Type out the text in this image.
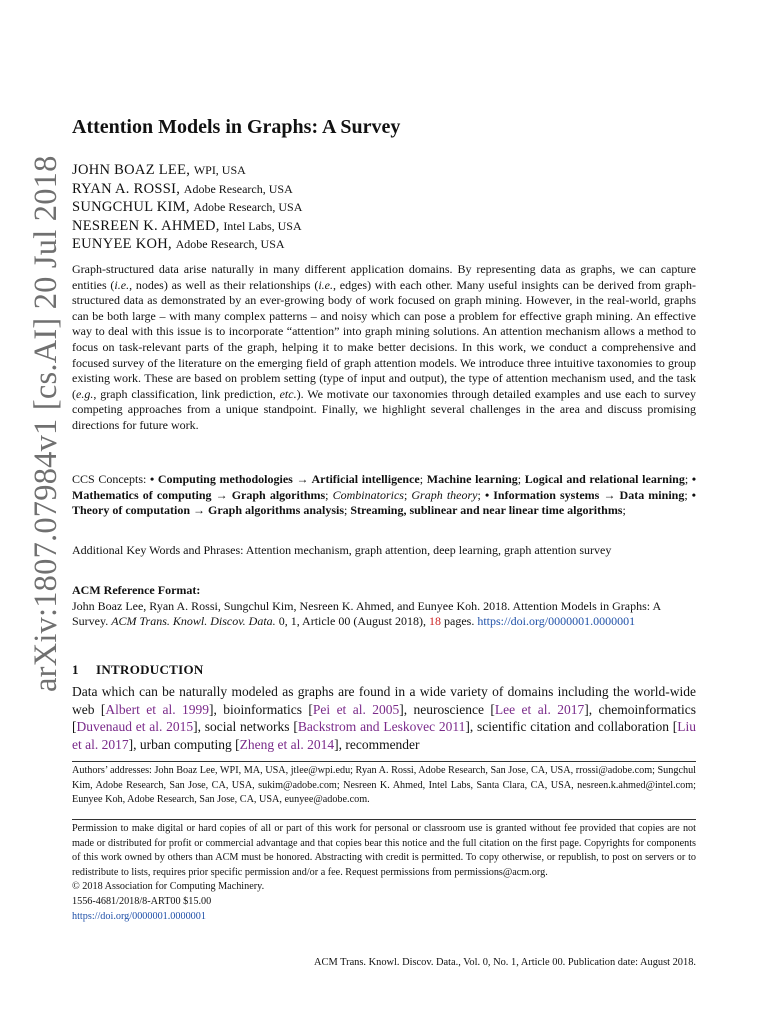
arXiv:1807.07984v1 [cs.AI] 20 Jul 2018
Attention Models in Graphs: A Survey
JOHN BOAZ LEE, WPI, USA
RYAN A. ROSSI, Adobe Research, USA
SUNGCHUL KIM, Adobe Research, USA
NESREEN K. AHMED, Intel Labs, USA
EUNYEE KOH, Adobe Research, USA

Graph-structured data arise naturally in many different application domains. By representing data as graphs, we can capture entities (i.e., nodes) as well as their relationships (i.e., edges) with each other. Many useful insights can be derived from graph-structured data as demonstrated by an ever-growing body of work focused on graph mining. However, in the real-world, graphs can be both large – with many complex patterns – and noisy which can pose a problem for effective graph mining. An effective way to deal with this issue is to incorporate “attention” into graph mining solutions. An attention mechanism allows a method to focus on task-relevant parts of the graph, helping it to make better decisions. In this work, we conduct a comprehensive and focused survey of the literature on the emerging field of graph attention models. We introduce three intuitive taxonomies to group existing work. These are based on problem setting (type of input and output), the type of attention mechanism used, and the task (e.g., graph classification, link prediction, etc.). We motivate our taxonomies through detailed examples and use each to survey competing approaches from a unique standpoint. Finally, we highlight several challenges in the area and discuss promising directions for future work.

CCS Concepts: • Computing methodologies → Artificial intelligence; Machine learning; Logical and relational learning; • Mathematics of computing → Graph algorithms; Combinatorics; Graph theory; • Information systems → Data mining; • Theory of computation → Graph algorithms analysis; Streaming, sublinear and near linear time algorithms;

Additional Key Words and Phrases: Attention mechanism, graph attention, deep learning, graph attention survey

ACM Reference Format:

John Boaz Lee, Ryan A. Rossi, Sungchul Kim, Nesreen K. Ahmed, and Eunyee Koh. 2018. Attention Models in Graphs: A Survey. ACM Trans. Knowl. Discov. Data. 0, 1, Article 00 (August 2018), 18 pages. https://doi.org/0000001.0000001

1 INTRODUCTION

Data which can be naturally modeled as graphs are found in a wide variety of domains including the world-wide web [Albert et al. 1999], bioinformatics [Pei et al. 2005], neuroscience [Lee et al. 2017], chemoinformatics [Duvenaud et al. 2015], social networks [Backstrom and Leskovec 2011], scientific citation and collaboration [Liu et al. 2017], urban computing [Zheng et al. 2014], recommender

Authors’ addresses: John Boaz Lee, WPI, MA, USA, jtlee@wpi.edu; Ryan A. Rossi, Adobe Research, San Jose, CA, USA, rrossi@adobe.com; Sungchul Kim, Adobe Research, San Jose, CA, USA, sukim@adobe.com; Nesreen K. Ahmed, Intel Labs, Santa Clara, CA, USA, nesreen.k.ahmed@intel.com; Eunyee Koh, Adobe Research, San Jose, CA, USA, eunyee@adobe.com.

Permission to make digital or hard copies of all or part of this work for personal or classroom use is granted without fee provided that copies are not made or distributed for profit or commercial advantage and that copies bear this notice and the full citation on the first page. Copyrights for components of this work owned by others than ACM must be honored. Abstracting with credit is permitted. To copy otherwise, or republish, to post on servers or to redistribute to lists, requires prior specific permission and/or a fee. Request permissions from permissions@acm.org.

© 2018 Association for Computing Machinery.
1556-4681/2018/8-ART00 $15.00
https://doi.org/0000001.0000001
ACM Trans. Knowl. Discov. Data., Vol. 0, No. 1, Article 00. Publication date: August 2018.
